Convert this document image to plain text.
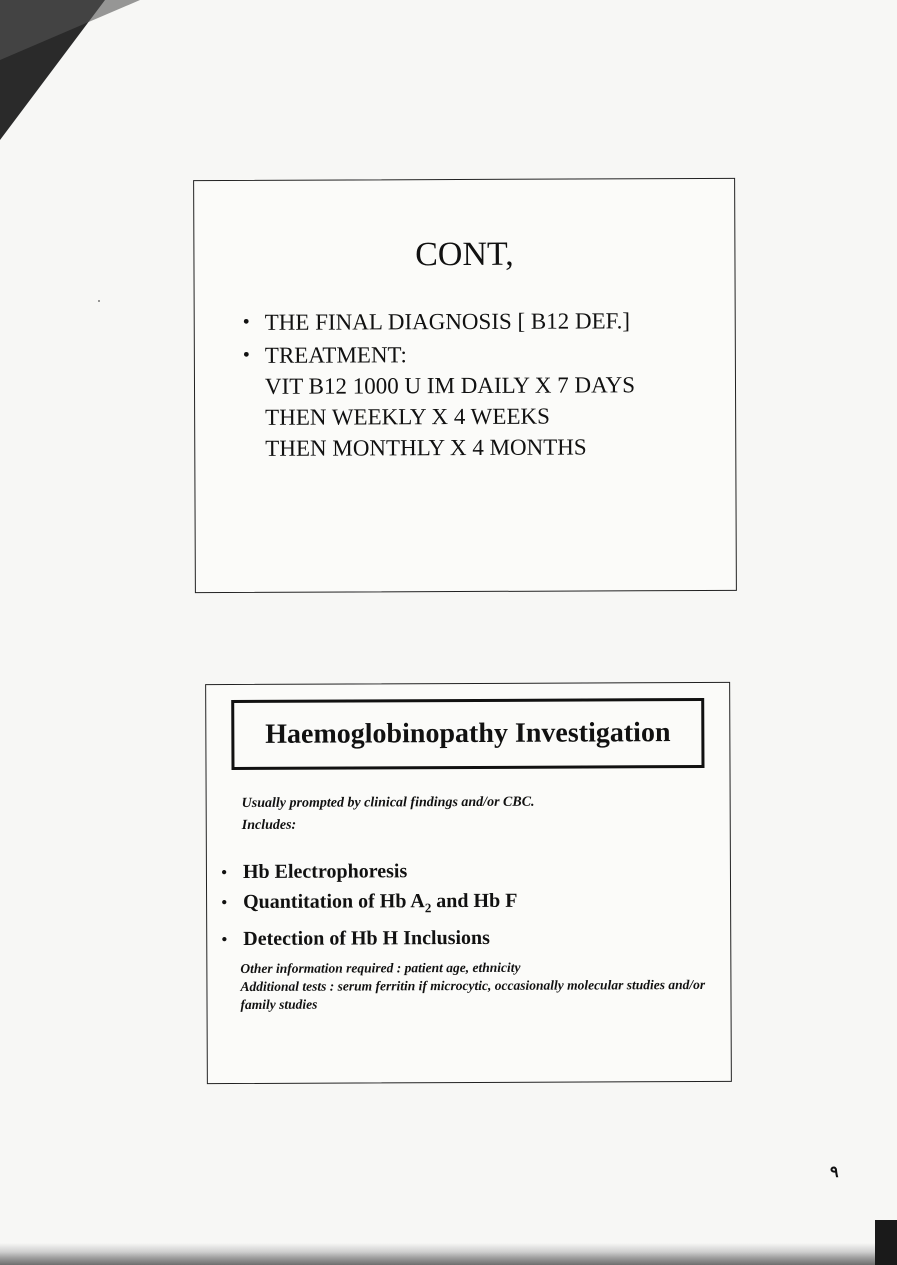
CONT,
• THE FINAL DIAGNOSIS [ B12 DEF.]
• TREATMENT:
VIT B12 1000 U IM DAILY X 7 DAYS
THEN WEEKLY X 4 WEEKS
THEN MONTHLY X 4 MONTHS
Haemoglobinopathy Investigation
Usually prompted by clinical findings and/or CBC.
Includes:
• Hb Electrophoresis
• Quantitation of Hb $A_2$ and Hb F
• Detection of Hb H Inclusions
Other information required : patient age, ethnicity
Additional tests : serum ferritin if microcytic, occasionally molecular studies and/or family studies
٩
